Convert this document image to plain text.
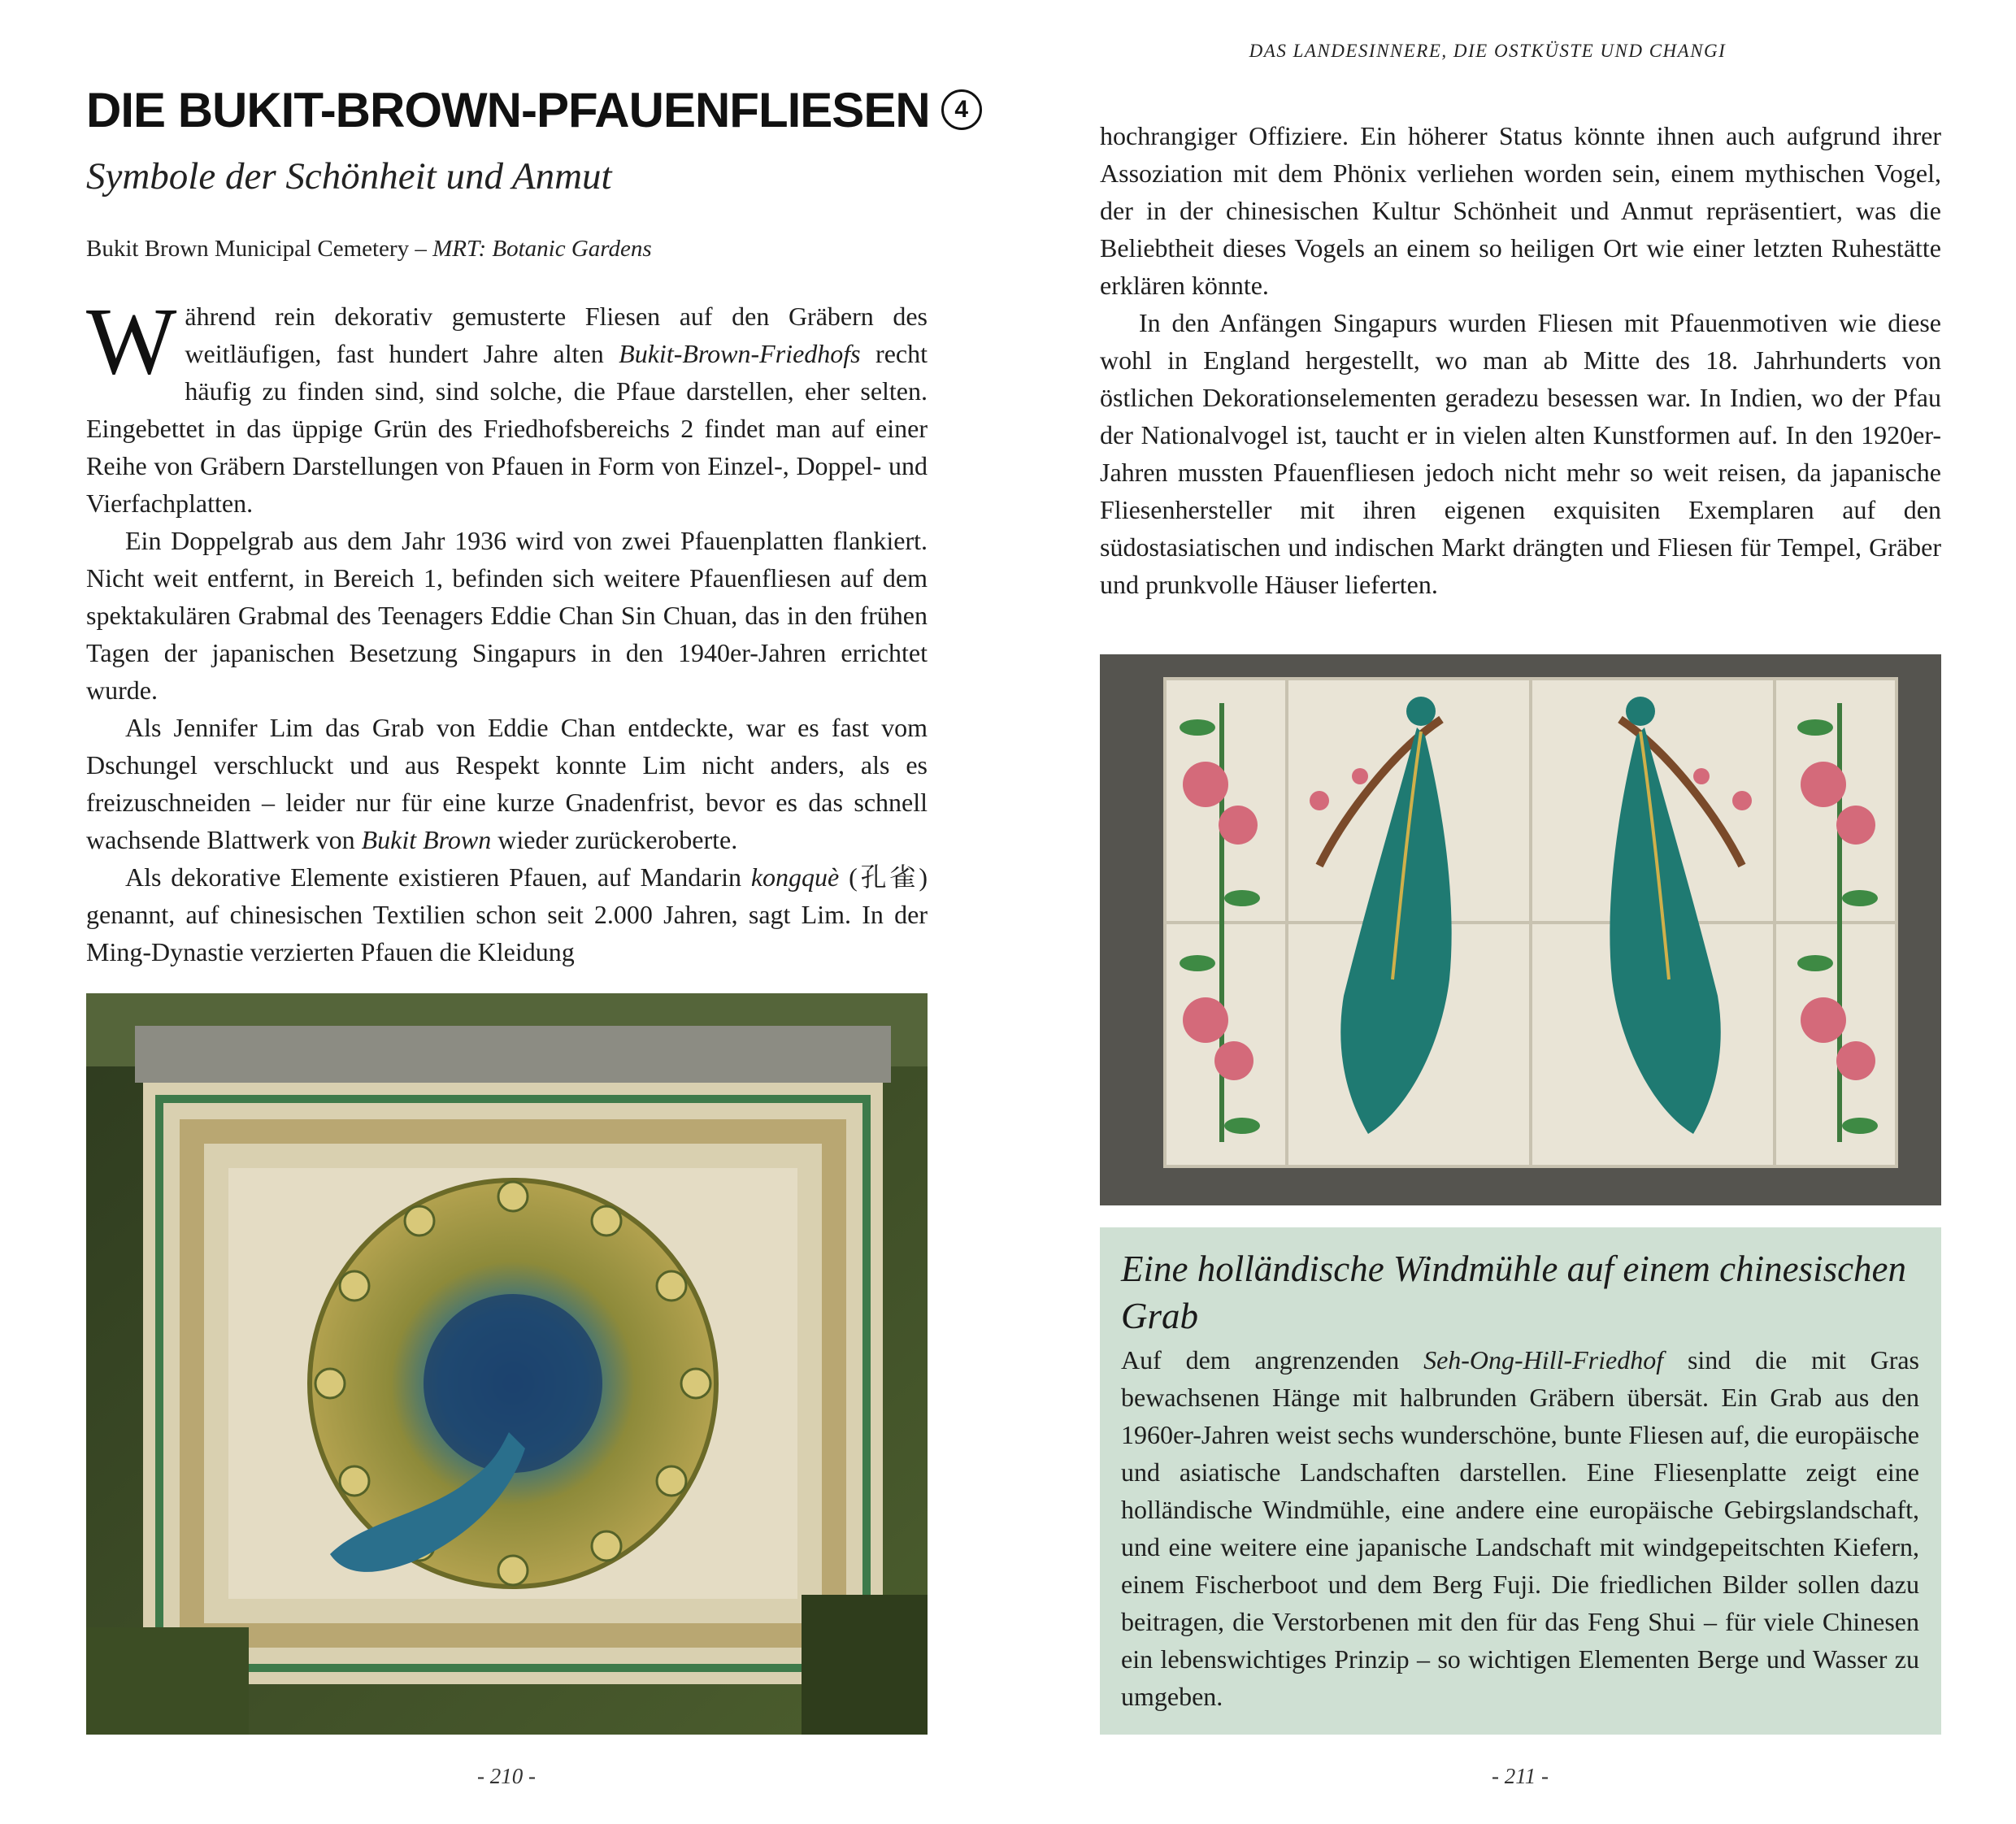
DAS LANDESINNERE, DIE OSTKÜSTE UND CHANGI
DIE BUKIT-BROWN-PFAUENFLIESEN 4
Symbole der Schönheit und Anmut
Bukit Brown Municipal Cemetery – MRT: Botanic Gardens

Während rein dekorativ gemusterte Fliesen auf den Gräbern des weitläufigen, fast hundert Jahre alten Bukit-Brown-Friedhofs recht häufig zu finden sind, sind solche, die Pfaue darstellen, eher selten. Eingebettet in das üppige Grün des Friedhofsbereichs 2 findet man auf einer Reihe von Gräbern Darstellungen von Pfauen in Form von Einzel-, Doppel- und Vierfachplatten.

Ein Doppelgrab aus dem Jahr 1936 wird von zwei Pfauenplatten flankiert. Nicht weit entfernt, in Bereich 1, befinden sich weitere Pfauenfliesen auf dem spektakulären Grabmal des Teenagers Eddie Chan Sin Chuan, das in den frühen Tagen der japanischen Besetzung Singapurs in den 1940er-Jahren errichtet wurde.

Als Jennifer Lim das Grab von Eddie Chan entdeckte, war es fast vom Dschungel verschluckt und aus Respekt konnte Lim nicht anders, als es freizuschneiden – leider nur für eine kurze Gnadenfrist, bevor es das schnell wachsende Blattwerk von Bukit Brown wieder zurückeroberte.

Als dekorative Elemente existieren Pfauen, auf Mandarin kongquè (孔雀) genannt, auf chinesischen Textilien schon seit 2.000 Jahren, sagt Lim. In der Ming-Dynastie verzierten Pfauen die Kleidung

hochrangiger Offiziere. Ein höherer Status könnte ihnen auch aufgrund ihrer Assoziation mit dem Phönix verliehen worden sein, einem mythischen Vogel, der in der chinesischen Kultur Schönheit und Anmut repräsentiert, was die Beliebtheit dieses Vogels an einem so heiligen Ort wie einer letzten Ruhestätte erklären könnte.

In den Anfängen Singapurs wurden Fliesen mit Pfauenmotiven wie diese wohl in England hergestellt, wo man ab Mitte des 18. Jahrhunderts von östlichen Dekorationselementen geradezu besessen war. In Indien, wo der Pfau der Nationalvogel ist, taucht er in vielen alten Kunstformen auf. In den 1920er-Jahren mussten Pfauenfliesen jedoch nicht mehr so weit reisen, da japanische Fliesenhersteller mit ihren eigenen exquisiten Exemplaren auf den südostasiatischen und indischen Markt drängten und Fliesen für Tempel, Gräber und prunkvolle Häuser lieferten.

Eine holländische Windmühle auf einem chinesischen Grab
Auf dem angrenzenden Seh-Ong-Hill-Friedhof sind die mit Gras bewachsenen Hänge mit halbrunden Gräbern übersät. Ein Grab aus den 1960er-Jahren weist sechs wunderschöne, bunte Fliesen auf, die europäische und asiatische Landschaften darstellen. Eine Fliesenplatte zeigt eine holländische Windmühle, eine andere eine europäische Gebirgslandschaft, und eine weitere eine japanische Landschaft mit windgepeitschten Kiefern, einem Fischerboot und dem Berg Fuji. Die friedlichen Bilder sollen dazu beitragen, die Verstorbenen mit den für das Feng Shui – für viele Chinesen ein lebenswichtiges Prinzip – so wichtigen Elementen Berge und Wasser zu umgeben.
- 210 -	- 211 -
